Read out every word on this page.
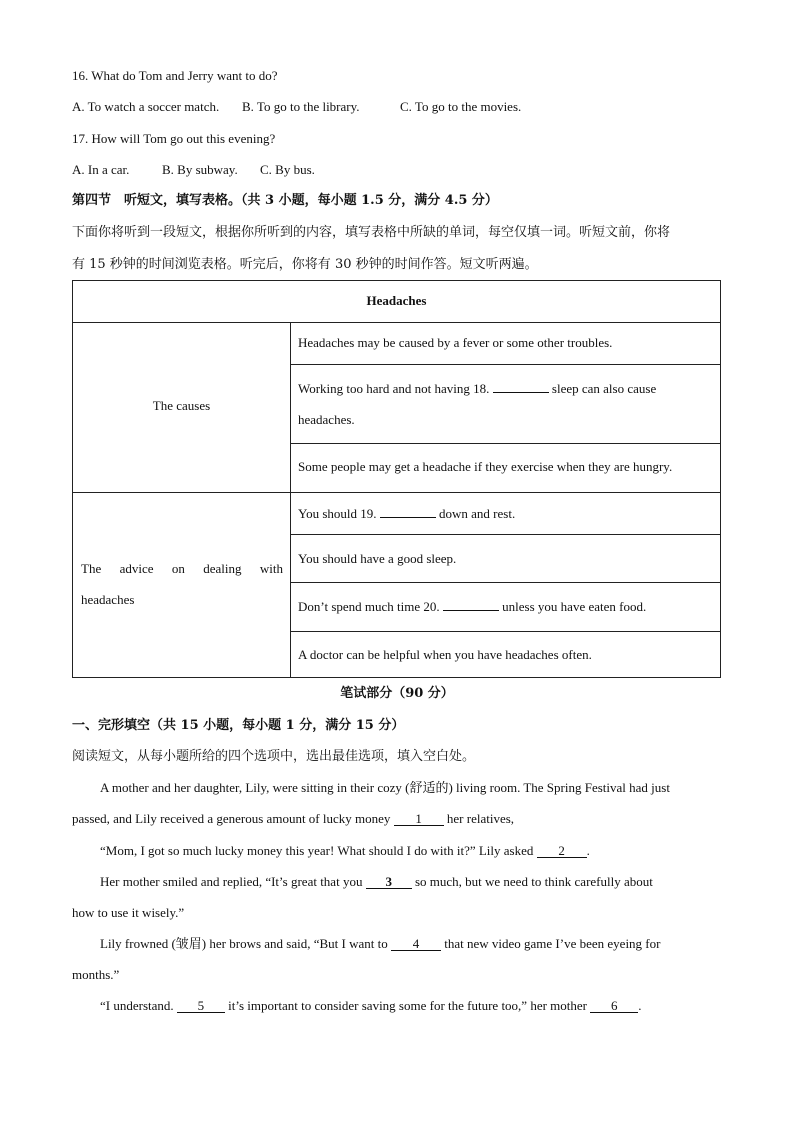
16. What do Tom and Jerry want to do?
A. To watch a soccer match. B. To go to the library.	C. To go to the movies.
17. How will Tom go out this evening?
A. In a car.	B. By subway. C. By bus.
第四节　听短文，填写表格。（共 3 小题，每小题 1.5 分，满分 4.5 分）
下面你将听到一段短文，根据你所听到的内容，填写表格中所缺的单词，每空仅填一词。听短文前，你将
有 15 秒钟的时间浏览表格。听完后，你将有 30 秒钟的时间作答。短文听两遍。
Headaches
The causes
Headaches may be caused by a fever or some other troubles.
Working too hard and not having 18.	sleep can also cause
headaches.
Some people may get a headache if they exercise when they are hungry.
The advice on dealing with
headaches
You should 19.	down and rest.
You should have a good sleep.
Don’t spend much time 20.	unless you have eaten food.
A doctor can be helpful when you have headaches often.
笔试部分（90 分）
一、完形填空（共 15 小题，每小题 1 分，满分 15 分）
阅读短文，从每小题所给的四个选项中，选出最佳选项，填入空白处。
A mother and her daughter, Lily, were sitting in their cozy (舒适的) living room. The Spring Festival had just
passed, and Lily received a generous amount of lucky money 1 her relatives,
“Mom, I got so much lucky money this year! What should I do with it?” Lily asked 2 .
Her mother smiled and replied, “It’s great that you 3 so much, but we need to think carefully about
how to use it wisely.”
Lily frowned (皱眉) her brows and said, “But I want to 4 that new video game I’ve been eyeing for
months.”
“I understand. 5 it’s important to consider saving some for the future too,” her mother 6 .
